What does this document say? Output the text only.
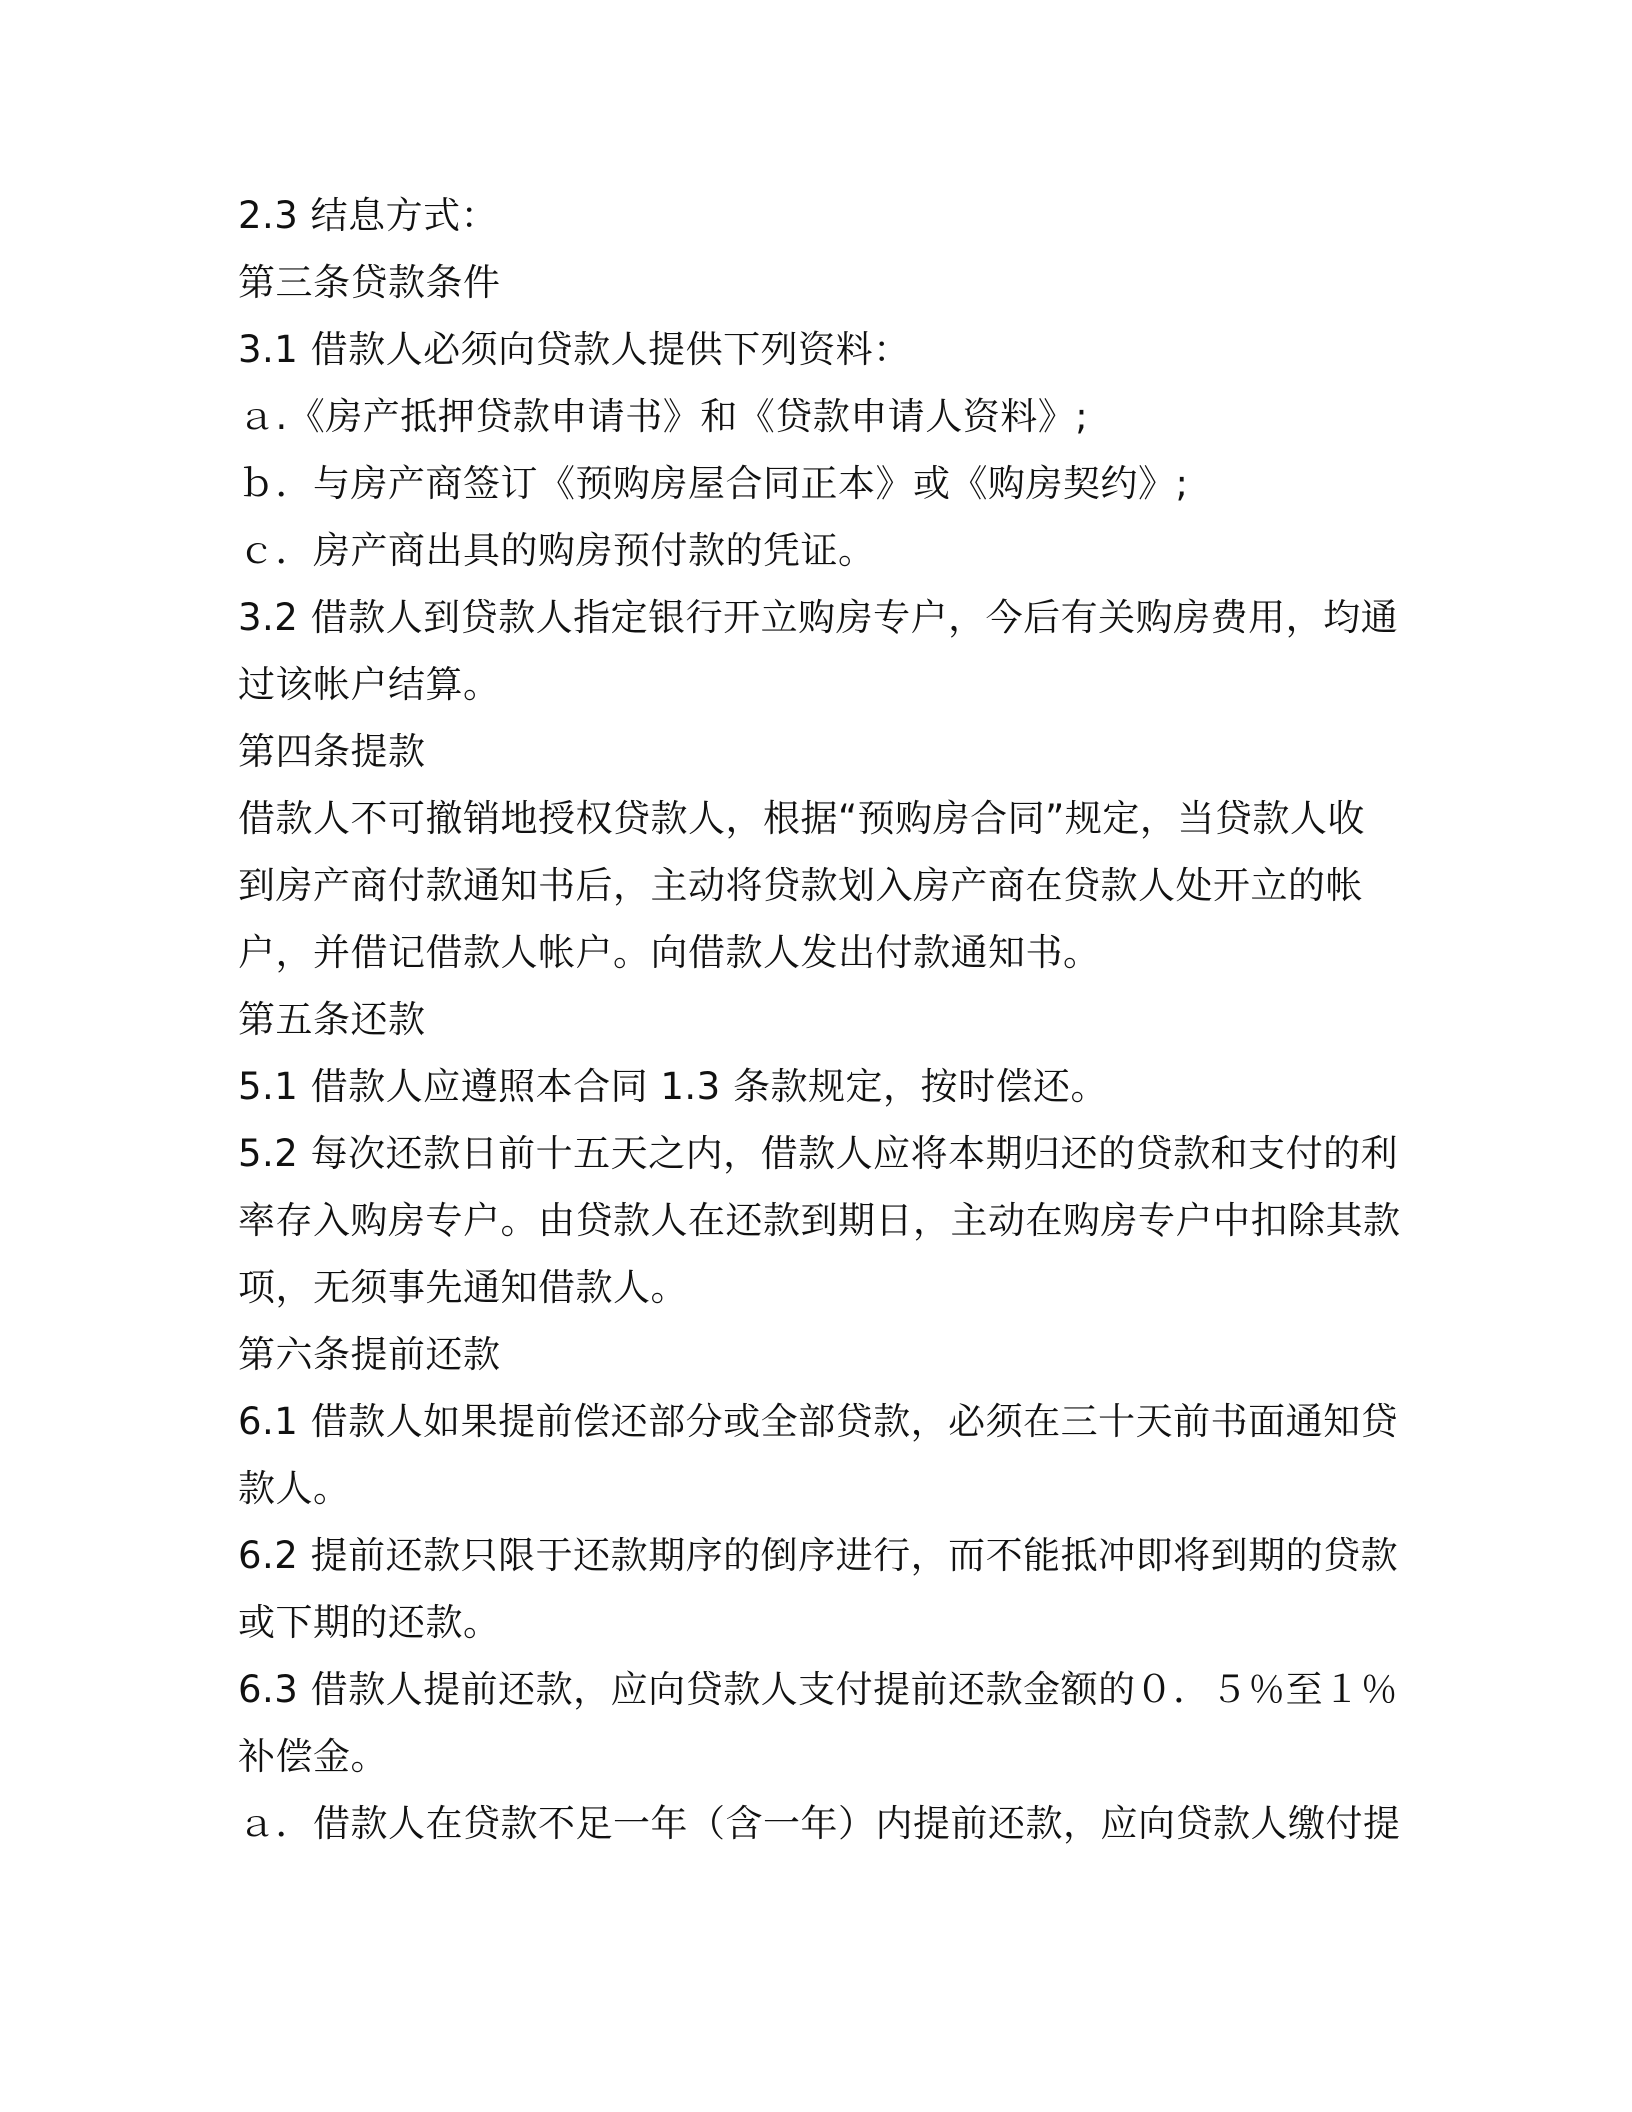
2.3 结息方式：
第三条贷款条件
3.1 借款人必须向贷款人提供下列资料：
ａ.《房产抵押贷款申请书》和《贷款申请人资料》;
ｂ．与房产商签订《预购房屋合同正本》或《购房契约》;
ｃ．房产商出具的购房预付款的凭证。
3.2 借款人到贷款人指定银行开立购房专户，今后有关购房费用，均通
过该帐户结算。
第四条提款
借款人不可撤销地授权贷款人，根据“预购房合同”规定，当贷款人收
到房产商付款通知书后，主动将贷款划入房产商在贷款人处开立的帐
户，并借记借款人帐户。向借款人发出付款通知书。
第五条还款
5.1 借款人应遵照本合同 1.3 条款规定，按时偿还。
5.2 每次还款日前十五天之内，借款人应将本期归还的贷款和支付的利
率存入购房专户。由贷款人在还款到期日，主动在购房专户中扣除其款
项，无须事先通知借款人。
第六条提前还款
6.1 借款人如果提前偿还部分或全部贷款，必须在三十天前书面通知贷
款人。
6.2 提前还款只限于还款期序的倒序进行，而不能抵冲即将到期的贷款
或下期的还款。
6.3 借款人提前还款，应向贷款人支付提前还款金额的０．５％至１％
补偿金。
ａ．借款人在贷款不足一年（含一年）内提前还款，应向贷款人缴付提
